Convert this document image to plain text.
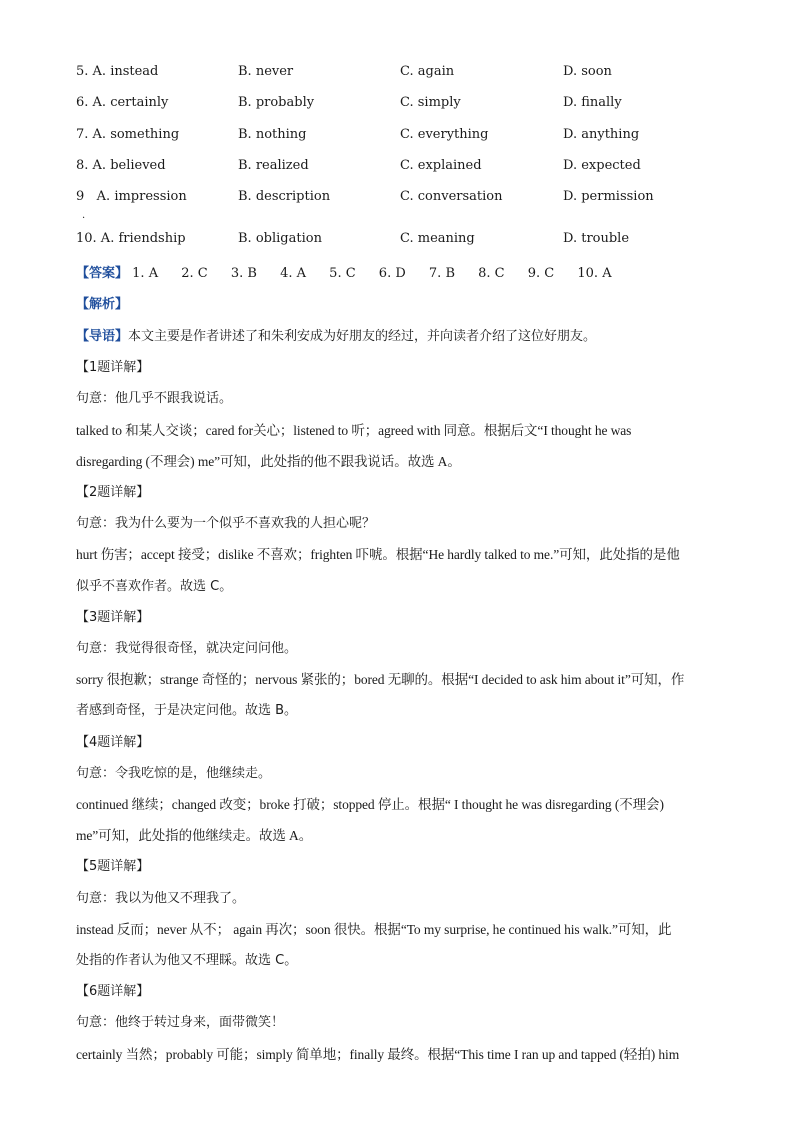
5. A. instead	B. never	C. again	D. soon
6. A. certainly	B. probably	C. simply	D. finally
7. A. something	B. nothing	C. everything	D. anything
8. A. believed	B. realized	C. explained	D. expected
9   A. impression	B. description	C. conversation	D. permission
.
10. A. friendship	B. obligation	C. meaning	D. trouble
【答案】 1. A 2. C 3. B 4. A 5. C 6. D 7. B 8. C 9. C 10. A
【解析】
【导语】本文主要是作者讲述了和朱利安成为好朋友的经过，并向读者介绍了这位好朋友。
【1题详解】
句意：他几乎不跟我说话。
talked to 和某人交谈；cared for关心；listened to 听；agreed with 同意。根据后文“I thought he was
disregarding (不理会) me”可知，此处指的他不跟我说话。故选 A。
【2题详解】
句意：我为什么要为一个似乎不喜欢我的人担心呢？
hurt 伤害；accept 接受；dislike 不喜欢；frighten 吓唬。根据“He hardly talked to me.”可知，此处指的是他
似乎不喜欢作者。故选 C。
【3题详解】
句意：我觉得很奇怪，就决定问问他。
sorry 很抱歉；strange 奇怪的；nervous 紧张的；bored 无聊的。根据“I decided to ask him about it”可知，作
者感到奇怪，于是决定问他。故选 B。
【4题详解】
句意：令我吃惊的是，他继续走。
continued 继续；changed 改变；broke 打破；stopped 停止。根据“ I thought he was disregarding (不理会)
me”可知，此处指的他继续走。故选 A。
【5题详解】
句意：我以为他又不理我了。
instead 反而；never 从不； again 再次；soon 很快。根据“To my surprise, he continued his walk.”可知，此
处指的作者认为他又不理睬。故选 C。
【6题详解】
句意：他终于转过身来，面带微笑！
certainly 当然；probably 可能；simply 简单地；finally 最终。根据“This time I ran up and tapped (轻拍) him
